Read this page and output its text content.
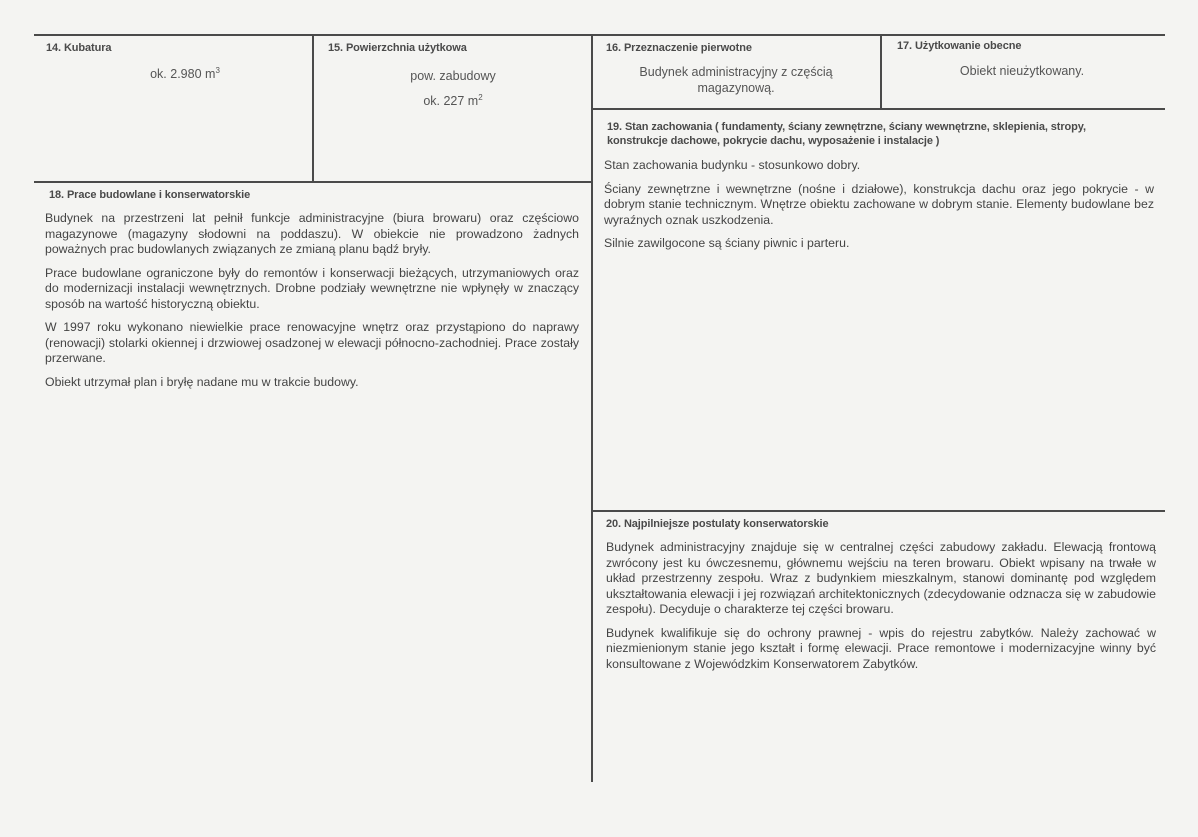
14. Kubatura
ok. 2.980 $m^3$
15. Powierzchnia użytkowa
pow. zabudowy
ok. 227 $m^2$
16. Przeznaczenie pierwotne
Budynek administracyjny z częścią
magazynową.
17. Użytkowanie obecne
Obiekt nieużytkowany.
19. Stan zachowania ( fundamenty, ściany zewnętrzne, ściany wewnętrzne, sklepienia, stropy,
konstrukcje dachowe, pokrycie dachu, wyposażenie i instalacje )

Stan zachowania budynku - stosunkowo dobry.

Ściany zewnętrzne i wewnętrzne (nośne i działowe), konstrukcja dachu oraz jego pokrycie - w dobrym stanie technicznym. Wnętrze obiektu zachowane w dobrym stanie. Elementy budowlane bez wyraźnych oznak uszkodzenia.

Silnie zawilgocone są ściany piwnic i parteru.

18. Prace budowlane i konserwatorskie

Budynek na przestrzeni lat pełnił funkcje administracyjne (biura browaru) oraz częściowo magazynowe (magazyny słodowni na poddaszu). W obiekcie nie prowadzono żadnych poważnych prac budowlanych związanych ze zmianą planu bądź bryły.

Prace budowlane ograniczone były do remontów i konserwacji bieżących, utrzymaniowych oraz do modernizacji instalacji wewnętrznych. Drobne podziały wewnętrzne nie wpłynęły w znaczący sposób na wartość historyczną obiektu.

W 1997 roku wykonano niewielkie prace renowacyjne wnętrz oraz przystąpiono do naprawy (renowacji) stolarki okiennej i drzwiowej osadzonej w elewacji północno-zachodniej. Prace zostały przerwane.

Obiekt utrzymał plan i bryłę nadane mu w trakcie budowy.

20. Najpilniejsze postulaty konserwatorskie

Budynek administracyjny znajduje się w centralnej części zabudowy zakładu. Elewacją frontową zwrócony jest ku ówczesnemu, głównemu wejściu na teren browaru. Obiekt wpisany na trwałe w układ przestrzenny zespołu. Wraz z budynkiem mieszkalnym, stanowi dominantę pod względem ukształtowania elewacji i jej rozwiązań architektonicznych (zdecydowanie odznacza się w zabudowie zespołu). Decyduje o charakterze tej części browaru.

Budynek kwalifikuje się do ochrony prawnej - wpis do rejestru zabytków. Należy zachować w niezmienionym stanie jego kształt i formę elewacji. Prace remontowe i modernizacyjne winny być konsultowane z Wojewódzkim Konserwatorem Zabytków.
